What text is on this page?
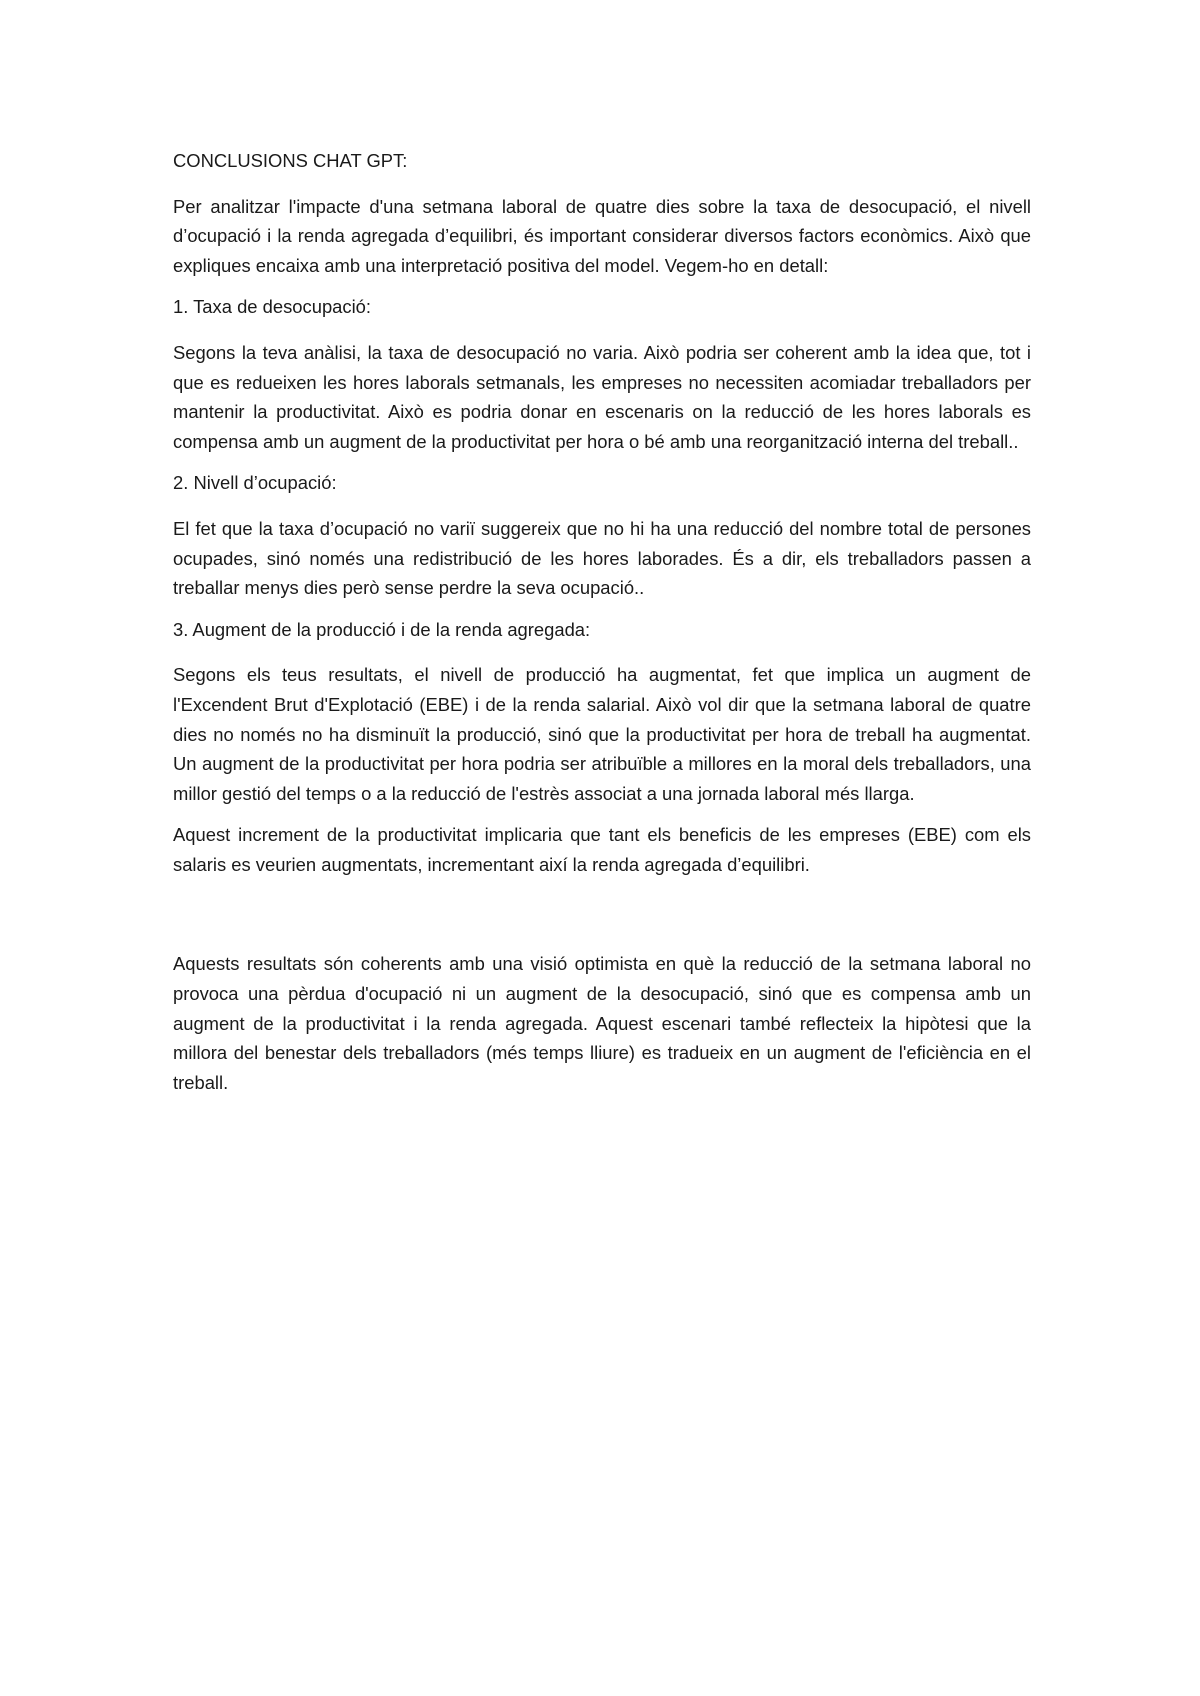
CONCLUSIONS CHAT GPT:

Per analitzar l'impacte d'una setmana laboral de quatre dies sobre la taxa de desocupació, el nivell d’ocupació i la renda agregada d’equilibri, és important considerar diversos factors econòmics. Això que expliques encaixa amb una interpretació positiva del model. Vegem-ho en detall:

1. Taxa de desocupació:

Segons la teva anàlisi, la taxa de desocupació no varia. Això podria ser coherent amb la idea que, tot i que es redueixen les hores laborals setmanals, les empreses no necessiten acomiadar treballadors per mantenir la productivitat. Això es podria donar en escenaris on la reducció de les hores laborals es compensa amb un augment de la productivitat per hora o bé amb una reorganització interna del treball..

2. Nivell d’ocupació:

El fet que la taxa d’ocupació no variï suggereix que no hi ha una reducció del nombre total de persones ocupades, sinó només una redistribució de les hores laborades. És a dir, els treballadors passen a treballar menys dies però sense perdre la seva ocupació..

3. Augment de la producció i de la renda agregada:

Segons els teus resultats, el nivell de producció ha augmentat, fet que implica un augment de l'Excendent Brut d'Explotació (EBE) i de la renda salarial. Això vol dir que la setmana laboral de quatre dies no només no ha disminuït la producció, sinó que la productivitat per hora de treball ha augmentat. Un augment de la productivitat per hora podria ser atribuïble a millores en la moral dels treballadors, una millor gestió del temps o a la reducció de l'estrès associat a una jornada laboral més llarga.

Aquest increment de la productivitat implicaria que tant els beneficis de les empreses (EBE) com els salaris es veurien augmentats, incrementant així la renda agregada d’equilibri.

Aquests resultats són coherents amb una visió optimista en què la reducció de la setmana laboral no provoca una pèrdua d'ocupació ni un augment de la desocupació, sinó que es compensa amb un augment de la productivitat i la renda agregada. Aquest escenari també reflecteix la hipòtesi que la millora del benestar dels treballadors (més temps lliure) es tradueix en un augment de l'eficiència en el treball.
